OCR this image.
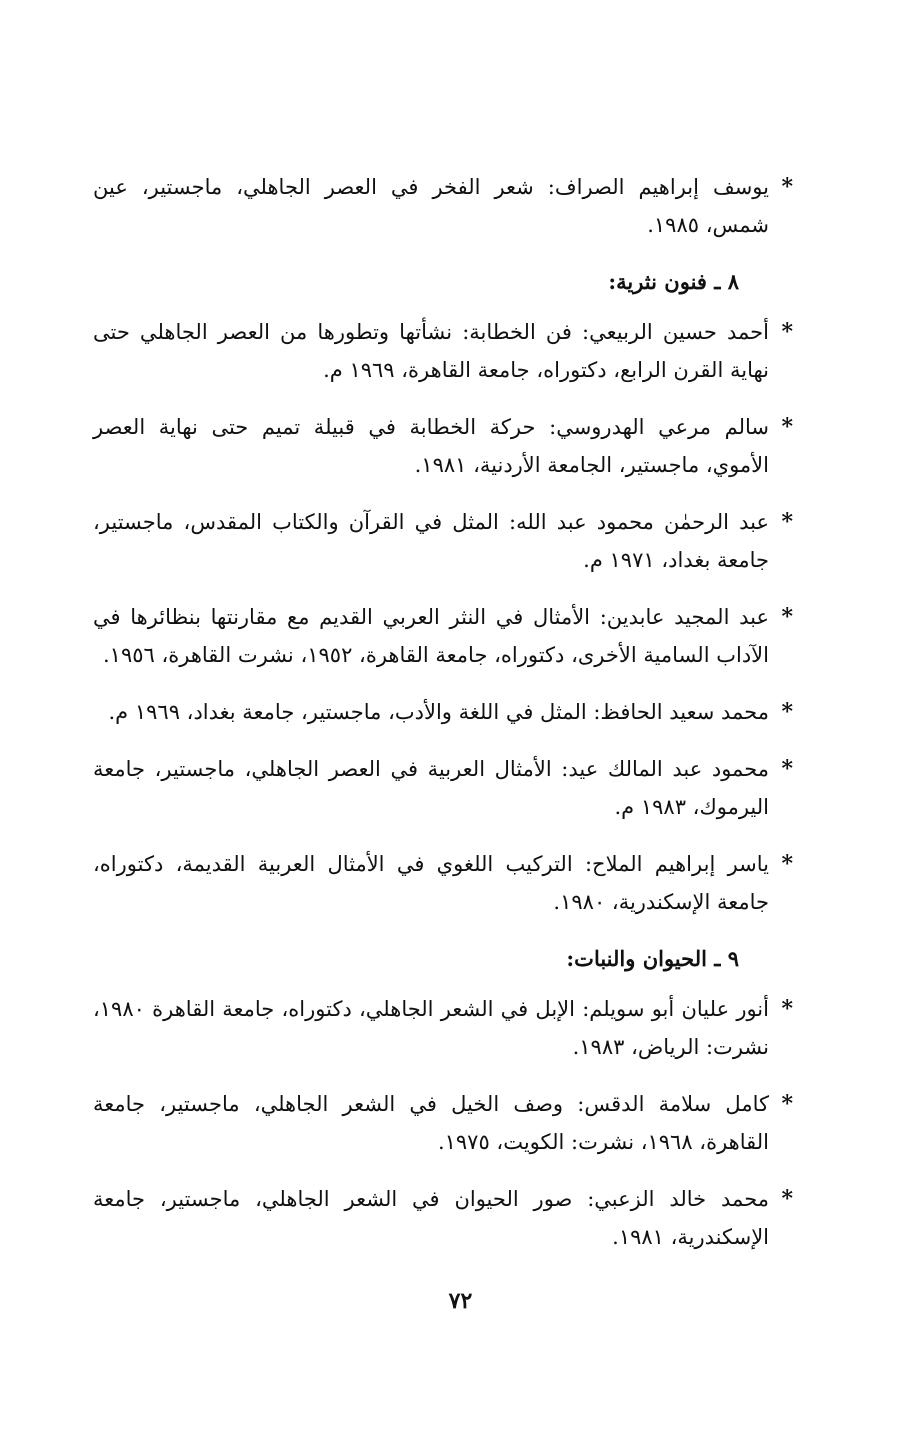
*
يوسف إبراهيم الصراف: شعر الفخر في العصر الجاهلي، ماجستير، عين شمس، ١٩٨٥.
٨ ـ فنون نثرية:
*
أحمد حسين الربيعي: فن الخطابة: نشأتها وتطورها من العصر الجاهلي حتى نهاية القرن الرابع، دكتوراه، جامعة القاهرة، ١٩٦٩ م.
*
سالم مرعي الهدروسي: حركة الخطابة في قبيلة تميم حتى نهاية العصر الأموي، ماجستير، الجامعة الأردنية، ١٩٨١.
*
عبد الرحمٰن محمود عبد الله: المثل في القرآن والكتاب المقدس، ماجستير، جامعة بغداد، ١٩٧١ م.
*
عبد المجيد عابدين: الأمثال في النثر العربي القديم مع مقارنتها بنظائرها في الآداب السامية الأخرى، دكتوراه، جامعة القاهرة، ١٩٥٢، نشرت القاهرة، ١٩٥٦.
*
محمد سعيد الحافظ: المثل في اللغة والأدب، ماجستير، جامعة بغداد، ١٩٦٩ م.
*
محمود عبد المالك عيد: الأمثال العربية في العصر الجاهلي، ماجستير، جامعة اليرموك، ١٩٨٣ م.
*
ياسر إبراهيم الملاح: التركيب اللغوي في الأمثال العربية القديمة، دكتوراه، جامعة الإسكندرية، ١٩٨٠.
٩ ـ الحيوان والنبات:
*
أنور عليان أبو سويلم: الإبل في الشعر الجاهلي، دكتوراه، جامعة القاهرة ١٩٨٠، نشرت: الرياض، ١٩٨٣.
*
كامل سلامة الدقس: وصف الخيل في الشعر الجاهلي، ماجستير، جامعة القاهرة، ١٩٦٨، نشرت: الكويت، ١٩٧٥.
*
محمد خالد الزعبي: صور الحيوان في الشعر الجاهلي، ماجستير، جامعة الإسكندرية، ١٩٨١.
٧٢
